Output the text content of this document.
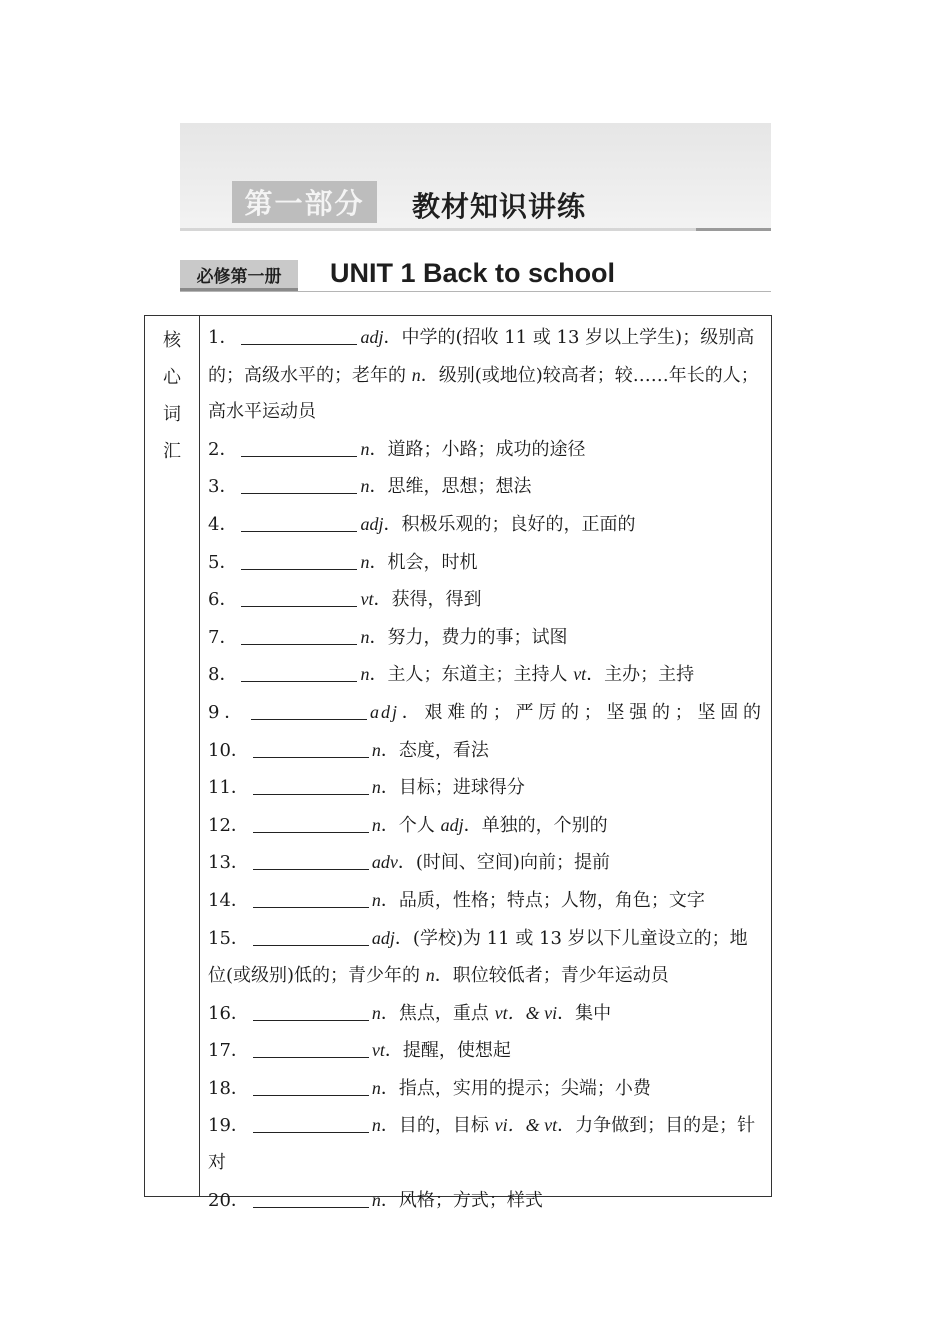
第一部分	教材知识讲练
必修第一册	UNIT 1 Back to school
核
心
词
汇

1．	adj．中学的(招收 11 或 13 岁以上学生)；级别高的；高级水平的；老年的 n．级别(或地位)较高者；较……年长的人；高水平运动员

2．	n．道路；小路；成功的途径

3．	n．思维，思想；想法

4．	adj．积极乐观的；良好的，正面的

5．	n．机会，时机

6．	vt．获得，得到

7．	n．努力，费力的事；试图

8．	n．主人；东道主；主持人 vt．主办；主持

9．	adj．艰难的；严厉的；坚强的；坚固的

10．	n．态度，看法

11．	n．目标；进球得分

12．	n．个人 adj．单独的，个别的

13．	adv．(时间、空间)向前；提前

14．	n．品质，性格；特点；人物，角色；文字

15．	adj．(学校)为 11 或 13 岁以下儿童设立的；地位(或级别)低的；青少年的 n．职位较低者；青少年运动员

16．	n．焦点，重点 vt．& vi．集中

17．	vt．提醒，使想起

18．	n．指点，实用的提示；尖端；小费

19．	n．目的，目标 vi．& vt．力争做到；目的是；针对

20．	n．风格；方式；样式
